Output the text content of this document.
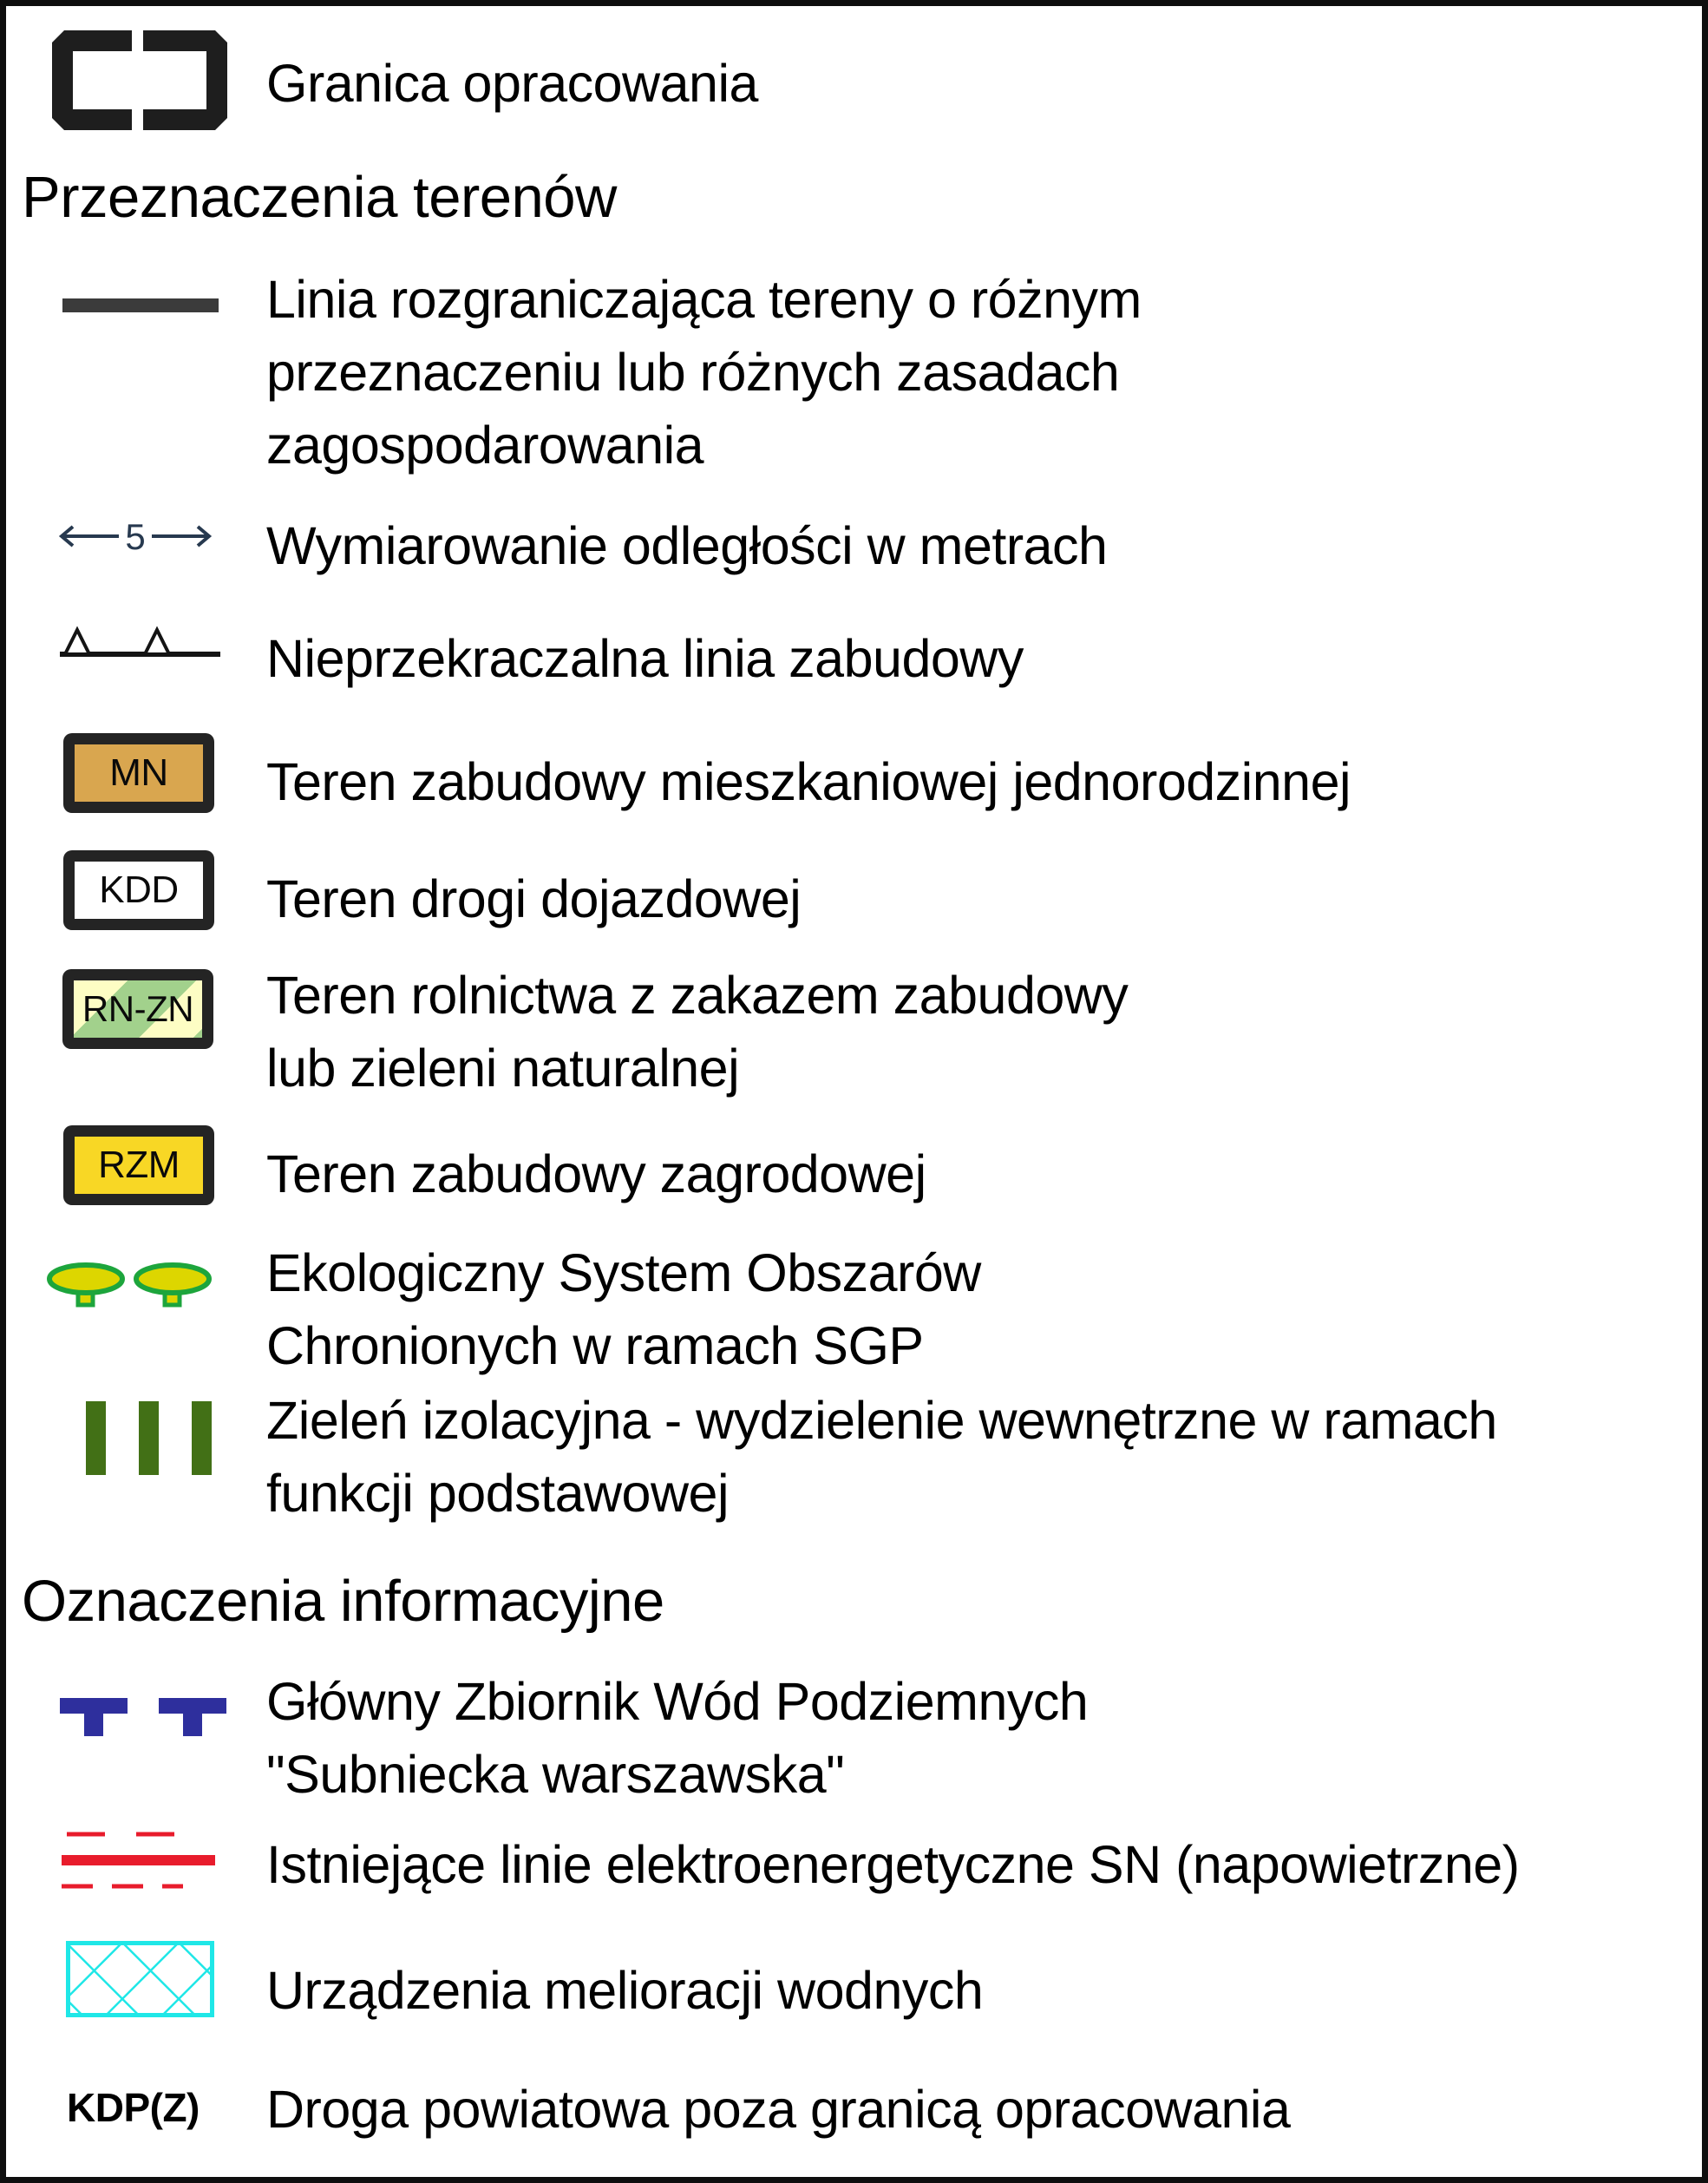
Granica opracowania
Przeznaczenia terenów
Linia rozgraniczająca tereny o różnym
przeznaczeniu lub różnych zasadach
zagospodarowania
5 Wymiarowanie odległości w metrach
Nieprzekraczalna linia zabudowy
MN Teren zabudowy mieszkaniowej jednorodzinnej
KDD Teren drogi dojazdowej
RN-ZN Teren rolnictwa z zakazem zabudowy
lub zieleni naturalnej
RZM Teren zabudowy zagrodowej
Ekologiczny System Obszarów
Chronionych w ramach SGP
Zieleń izolacyjna - wydzielenie wewnętrzne w ramach
funkcji podstawowej
Oznaczenia informacyjne
Główny Zbiornik Wód Podziemnych
"Subniecka warszawska"
Istniejące linie elektroenergetyczne SN (napowietrzne)
Urządzenia melioracji wodnych
KDP(Z) Droga powiatowa poza granicą opracowania
